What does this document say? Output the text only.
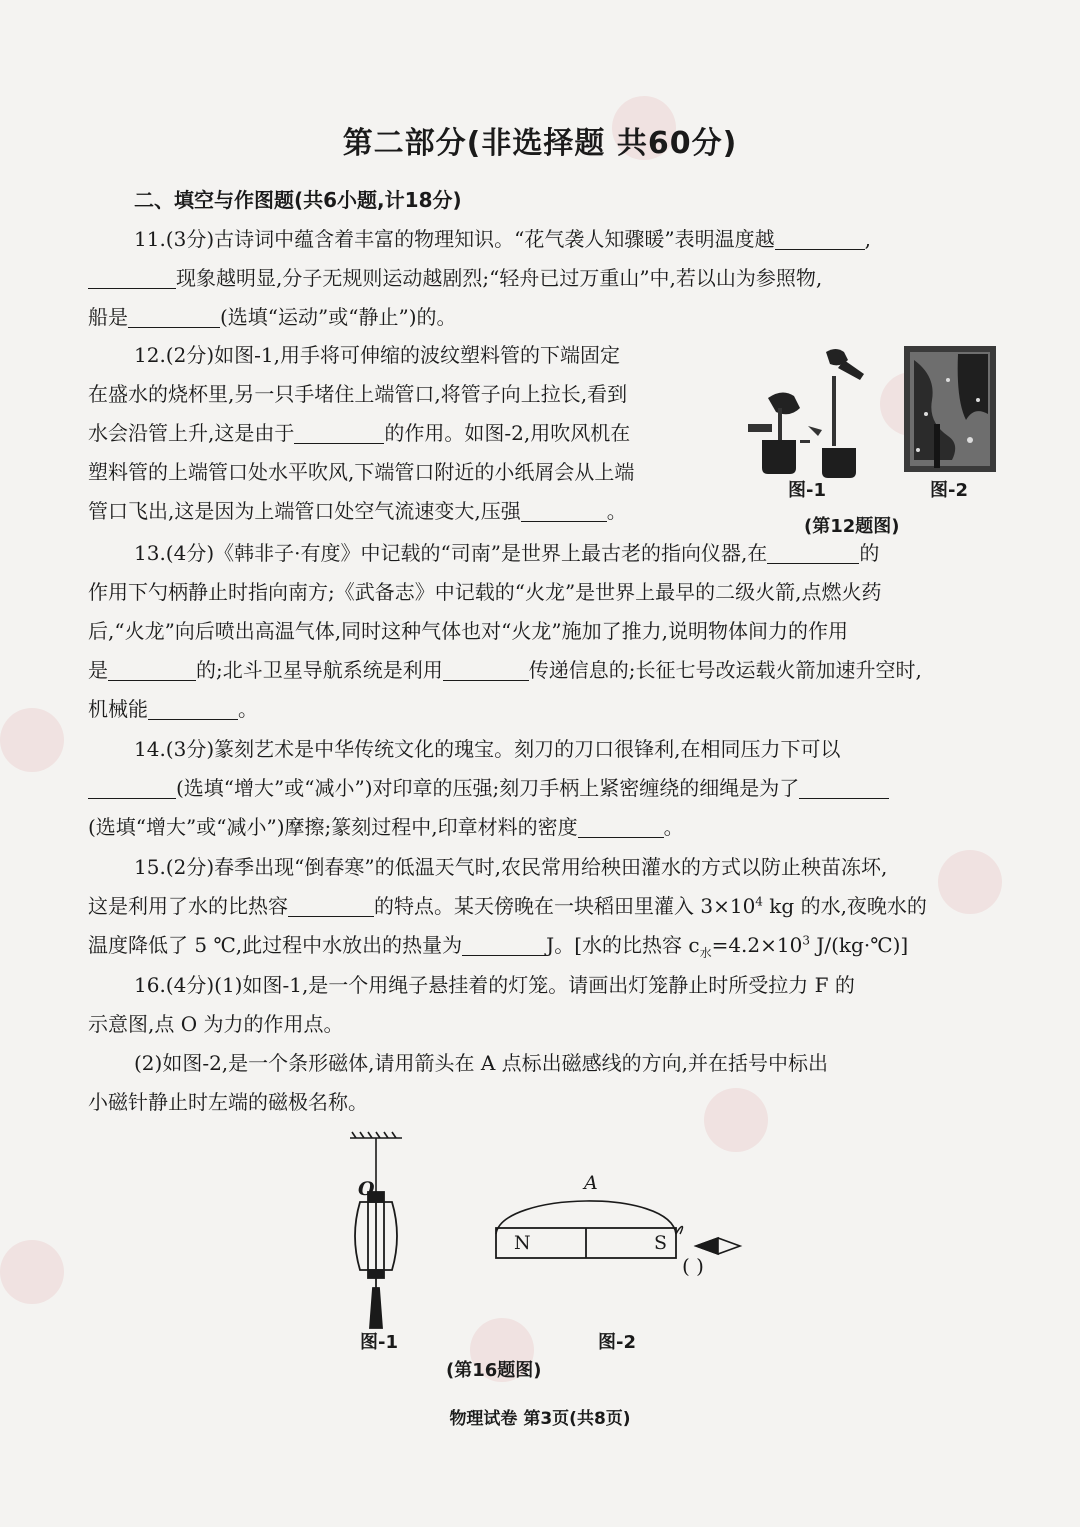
第二部分(非选择题 共60分)
二、填空与作图题(共6小题,计18分)
11.(3分)古诗词中蕴含着丰富的物理知识。“花气袭人知骤暖”表明温度越	,
现象越明显,分子无规则运动越剧烈;“轻舟已过万重山”中,若以山为参照物,
船是	(选填“运动”或“静止”)的。
12.(2分)如图-1,用手将可伸缩的波纹塑料管的下端固定
在盛水的烧杯里,另一只手堵住上端管口,将管子向上拉长,看到
水会沿管上升,这是由于	的作用。如图-2,用吹风机在
塑料管的上端管口处水平吹风,下端管口附近的小纸屑会从上端
管口飞出,这是因为上端管口处空气流速变大,压强	。
图-1	图-2
(第12题图)
13.(4分)《韩非子·有度》中记载的“司南”是世界上最古老的指向仪器,在	的
作用下勺柄静止时指向南方;《武备志》中记载的“火龙”是世界上最早的二级火箭,点燃火药
后,“火龙”向后喷出高温气体,同时这种气体也对“火龙”施加了推力,说明物体间力的作用
是	的;北斗卫星导航系统是利用	传递信息的;长征七号改运载火箭加速升空时,
机械能	。
14.(3分)篆刻艺术是中华传统文化的瑰宝。刻刀的刀口很锋利,在相同压力下可以
(选填“增大”或“减小”)对印章的压强;刻刀手柄上紧密缠绕的细绳是为了
(选填“增大”或“减小”)摩擦;篆刻过程中,印章材料的密度	。
15.(2分)春季出现“倒春寒”的低温天气时,农民常用给秧田灌水的方式以防止秧苗冻坏,
这是利用了水的比热容	的特点。某天傍晚在一块稻田里灌入 $3\times 10^4$ kg 的水,夜晚水的
温度降低了 5 ℃,此过程中水放出的热量为	J。[水的比热容 $c_水=4.2\times 10^3$ J/(kg·℃)]
16.(4分)(1)如图-1,是一个用绳子悬挂着的灯笼。请画出灯笼静止时所受拉力 F 的
示意图,点 O 为力的作用点。
(2)如图-2,是一个条形磁体,请用箭头在 A 点标出磁感线的方向,并在括号中标出
小磁针静止时左端的磁极名称。
O	A
N	S
( )
图-1	图-2
(第16题图)
物理试卷 第3页(共8页)
